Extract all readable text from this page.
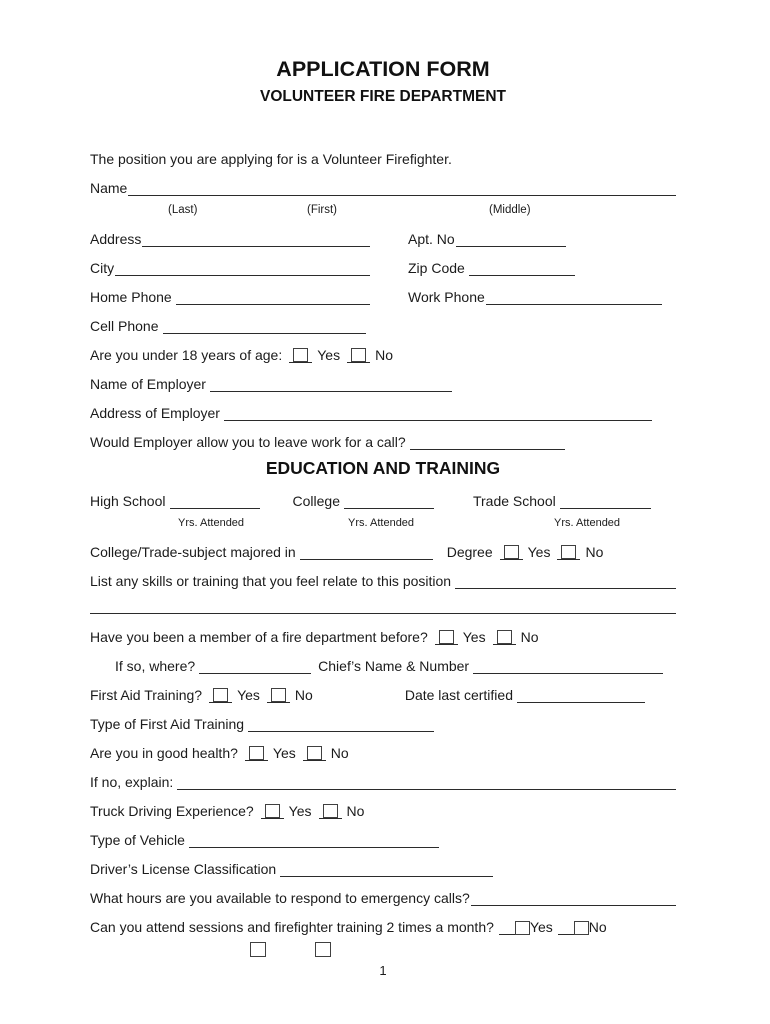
APPLICATION FORM
VOLUNTEER FIRE DEPARTMENT
The position you are applying for is a Volunteer Firefighter.
Name
(Last)	(First)	(Middle)
Address	Apt. No
City	Zip Code
Home Phone	Work Phone
Cell Phone
Are you under 18 years of age:	Yes	No
Name of Employer
Address of Employer
Would Employer allow you to leave work for a call?
EDUCATION AND TRAINING
High School	College	Trade School
Yrs. Attended	Yrs. Attended	Yrs. Attended
College/Trade-subject majored in	Degree	Yes	No
List any skills or training that you feel relate to this position
Have you been a member of a fire department before?	Yes	No
If so, where?	Chief’s Name & Number
First Aid Training?	Yes	No	Date last certified
Type of First Aid Training
Are you in good health?	Yes	No
If no, explain:
Truck Driving Experience?	Yes	No
Type of Vehicle
Driver’s License Classification
What hours are you available to respond to emergency calls?
Can you attend sessions and firefighter training 2 times a month?	Yes	No
1
